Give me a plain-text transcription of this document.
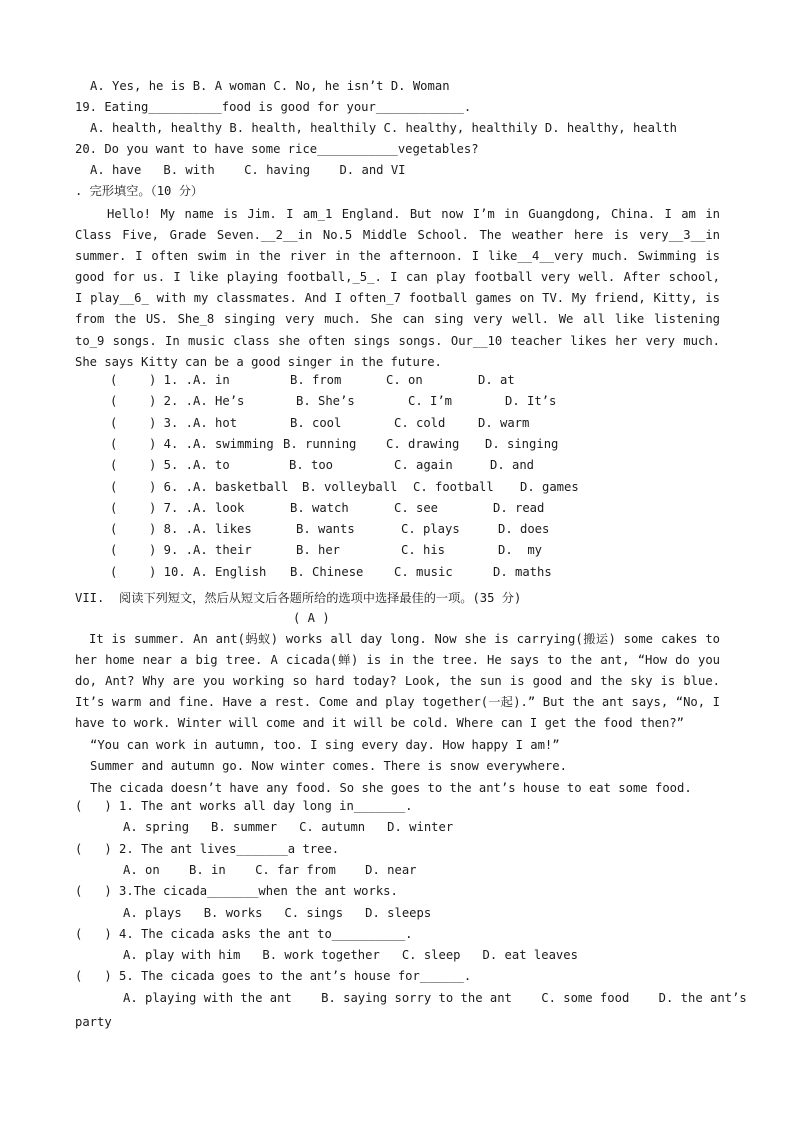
A. Yes, he is B. A woman C. No, he isn’t D. Woman
19. Eating__________food is good for your____________.
A. health, healthy B. health, healthily C. healthy, healthily D. healthy, health
20. Do you want to have some rice___________vegetables?
A. have   B. with    C. having    D. and VI
. 完形填空。（10 分）

Hello! My name is Jim. I am_1 England. But now I’m in Guangdong, China. I am in Class Five, Grade Seven.__2__in No.5 Middle School. The weather here is very__3__in summer. I often swim in the river in the afternoon. I like__4__very much. Swimming is good for us. I like playing football,_5_. I can play football very well. After school, I play__6_ with my classmates. And I often_7 football games on TV. My friend, Kitty, is from the US. She_8 singing very much. She can sing very well. We all like listening to_9 songs. In music class she often sings songs. Our__10 teacher likes her very much. She says Kitty can be a good singer in the future.

(	) 1. .A. in	B. from	C. on	D. at
(	) 2. .A. He’s	B. She’s	C. I’m	D. It’s
(	) 3. .A. hot	B. cool	C. cold	D. warm
(	) 4. .A. swimming B. running C. drawing D. singing
(	) 5. .A. to	B. too	C. again	D. and
(	) 6. .A. basketball B. volleyball C. football D. games
(	) 7. .A. look	B. watch	C. see	D. read
(	) 8. .A. likes	B. wants	C. plays	D. does
(	) 9. .A. their	B. her	C. his	D.  my
(	) 10. A. English B. Chinese	C. music	D. maths
VII.  阅读下列短文，然后从短文后各题所给的选项中选择最佳的一项。(35 分)
( A )

It is summer. An ant(蚂蚁) works all day long. Now she is carrying(搬运) some cakes to her home near a big tree. A cicada(蝉) is in the tree. He says to the ant, “How do you do, Ant? Why are you working so hard today? Look, the sun is good and the sky is blue. It’s warm and fine. Have a rest. Come and play together(一起).” But the ant says, “No, I have to work. Winter will come and it will be cold. Where can I get the food then?”

“You can work in autumn, too. I sing every day. How happy I am!”
Summer and autumn go. Now winter comes. There is snow everywhere.
The cicada doesn’t have any food. So she goes to the ant’s house to eat some food.
(   ) 1. The ant works all day long in_______.
A. spring   B. summer   C. autumn   D. winter
(   ) 2. The ant lives_______a tree.
A. on    B. in    C. far from    D. near
(   ) 3.The cicada_______when the ant works.
A. plays   B. works   C. sings   D. sleeps
(   ) 4. The cicada asks the ant to__________.
A. play with him   B. work together   C. sleep   D. eat leaves
(   ) 5. The cicada goes to the ant’s house for______.
A. playing with the ant    B. saying sorry to the ant    C. some food    D. the ant’s
party
